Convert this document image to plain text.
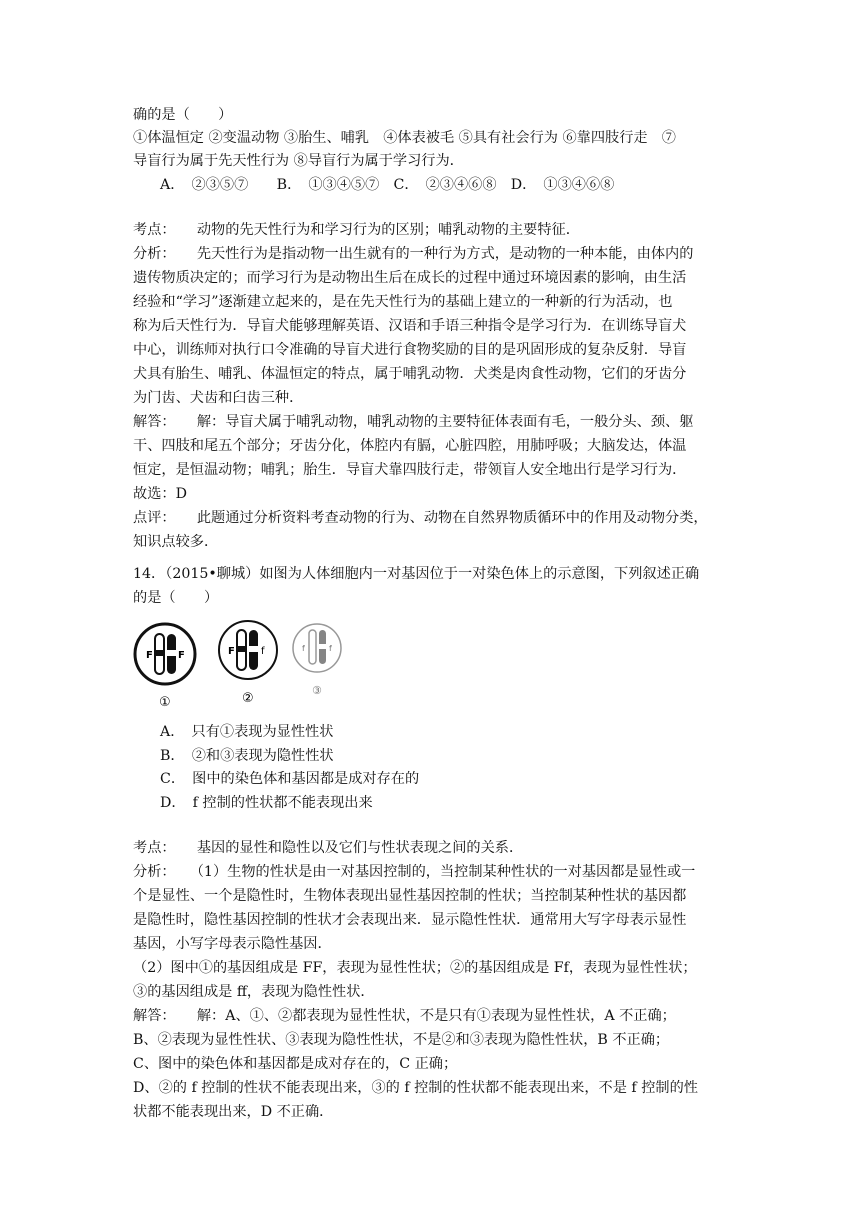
确的是（　　）
①体温恒定 ②变温动物 ③胎生、哺乳　④体表被毛 ⑤具有社会行为 ⑥靠四肢行走　⑦
导盲行为属于先天性行为 ⑧导盲行为属于学习行为．
A．　②③⑤⑦　　B．　①③④⑤⑦　C．　②③④⑥⑧　D．　①③④⑥⑧
考点：　　动物的先天性行为和学习行为的区别；哺乳动物的主要特征．
分析：　　先天性行为是指动物一出生就有的一种行为方式，是动物的一种本能，由体内的
遗传物质决定的；而学习行为是动物出生后在成长的过程中通过环境因素的影响，由生活
经验和“学习”逐渐建立起来的，是在先天性行为的基础上建立的一种新的行为活动，也
称为后天性行为．导盲犬能够理解英语、汉语和手语三种指令是学习行为．在训练导盲犬
中心，训练师对执行口令准确的导盲犬进行食物奖励的目的是巩固形成的复杂反射．导盲
犬具有胎生、哺乳、体温恒定的特点，属于哺乳动物．犬类是肉食性动物，它们的牙齿分
为门齿、犬齿和臼齿三种．
解答：　　解：导盲犬属于哺乳动物，哺乳动物的主要特征体表面有毛，一般分头、颈、躯
干、四肢和尾五个部分；牙齿分化，体腔内有膈，心脏四腔，用肺呼吸；大脑发达，体温
恒定，是恒温动物；哺乳；胎生．导盲犬靠四肢行走，带领盲人安全地出行是学习行为．
故选：D
点评：　　此题通过分析资料考查动物的行为、动物在自然界物质循环中的作用及动物分类，
知识点较多．
14．（2015•聊城）如图为人体细胞内一对基因位于一对染色体上的示意图，下列叙述正确
的是（　　）
F	F
①
F	f
②
f	f
③
A．　只有①表现为显性性状
B．　②和③表现为隐性性状
C．　图中的染色体和基因都是成对存在的
D．　f 控制的性状都不能表现出来
考点：　　基因的显性和隐性以及它们与性状表现之间的关系．
分析：　　（1）生物的性状是由一对基因控制的，当控制某种性状的一对基因都是显性或一
个是显性、一个是隐性时，生物体表现出显性基因控制的性状；当控制某种性状的基因都
是隐性时，隐性基因控制的性状才会表现出来．显示隐性性状．通常用大写字母表示显性
基因，小写字母表示隐性基因．
（2）图中①的基因组成是 FF，表现为显性性状；②的基因组成是 Ff，表现为显性性状；
③的基因组成是 ff，表现为隐性性状．
解答：　　解：A、①、②都表现为显性性状，不是只有①表现为显性性状，A 不正确；
B、②表现为显性性状、③表现为隐性性状，不是②和③表现为隐性性状，B 不正确；
C、图中的染色体和基因都是成对存在的，C 正确；
D、②的 f 控制的性状不能表现出来，③的 f 控制的性状都不能表现出来，不是 f 控制的性
状都不能表现出来，D 不正确．
